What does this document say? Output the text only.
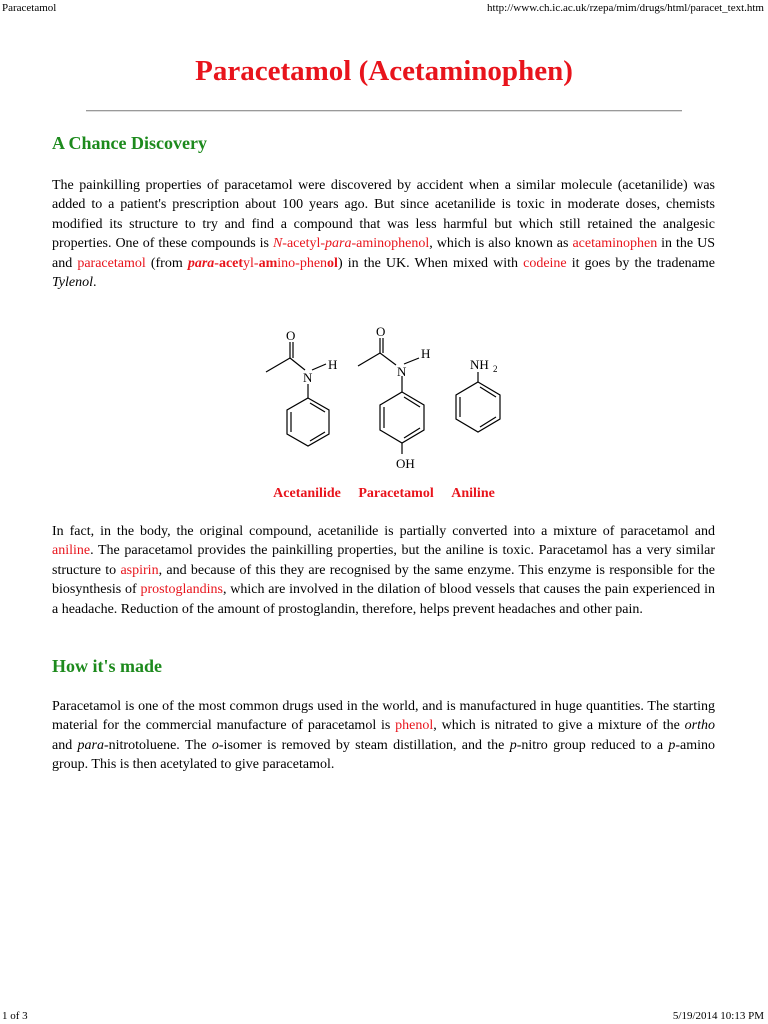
Paracetamol	http://www.ch.ic.ac.uk/rzepa/mim/drugs/html/paracet_text.htm
Paracetamol (Acetaminophen)
A Chance Discovery

The painkilling properties of paracetamol were discovered by accident when a similar molecule (acetanilide) was added to a patient's prescription about 100 years ago. But since acetanilide is toxic in moderate doses, chemists modified its structure to try and find a compound that was less harmful but which still retained the analgesic properties. One of these compounds is N-acetyl-para-aminophenol, which is also known as acetaminophen in the US and paracetamol (from para-acetyl-amino-phenol) in the UK. When mixed with codeine it goes by the tradename Tylenol.

O
N
H
O
N
H
OH
NH 2
Acetanilide Paracetamol Aniline

In fact, in the body, the original compound, acetanilide is partially converted into a mixture of paracetamol and aniline. The paracetamol provides the painkilling properties, but the aniline is toxic. Paracetamol has a very similar structure to aspirin, and because of this they are recognised by the same enzyme. This enzyme is responsible for the biosynthesis of prostoglandins, which are involved in the dilation of blood vessels that causes the pain experienced in a headache. Reduction of the amount of prostoglandin, therefore, helps prevent headaches and other pain.

How it's made

Paracetamol is one of the most common drugs used in the world, and is manufactured in huge quantities. The starting material for the commercial manufacture of paracetamol is phenol, which is nitrated to give a mixture of the ortho and para-nitrotoluene. The o-isomer is removed by steam distillation, and the p-nitro group reduced to a p-amino group. This is then acetylated to give paracetamol.

1 of 3	5/19/2014 10:13 PM
